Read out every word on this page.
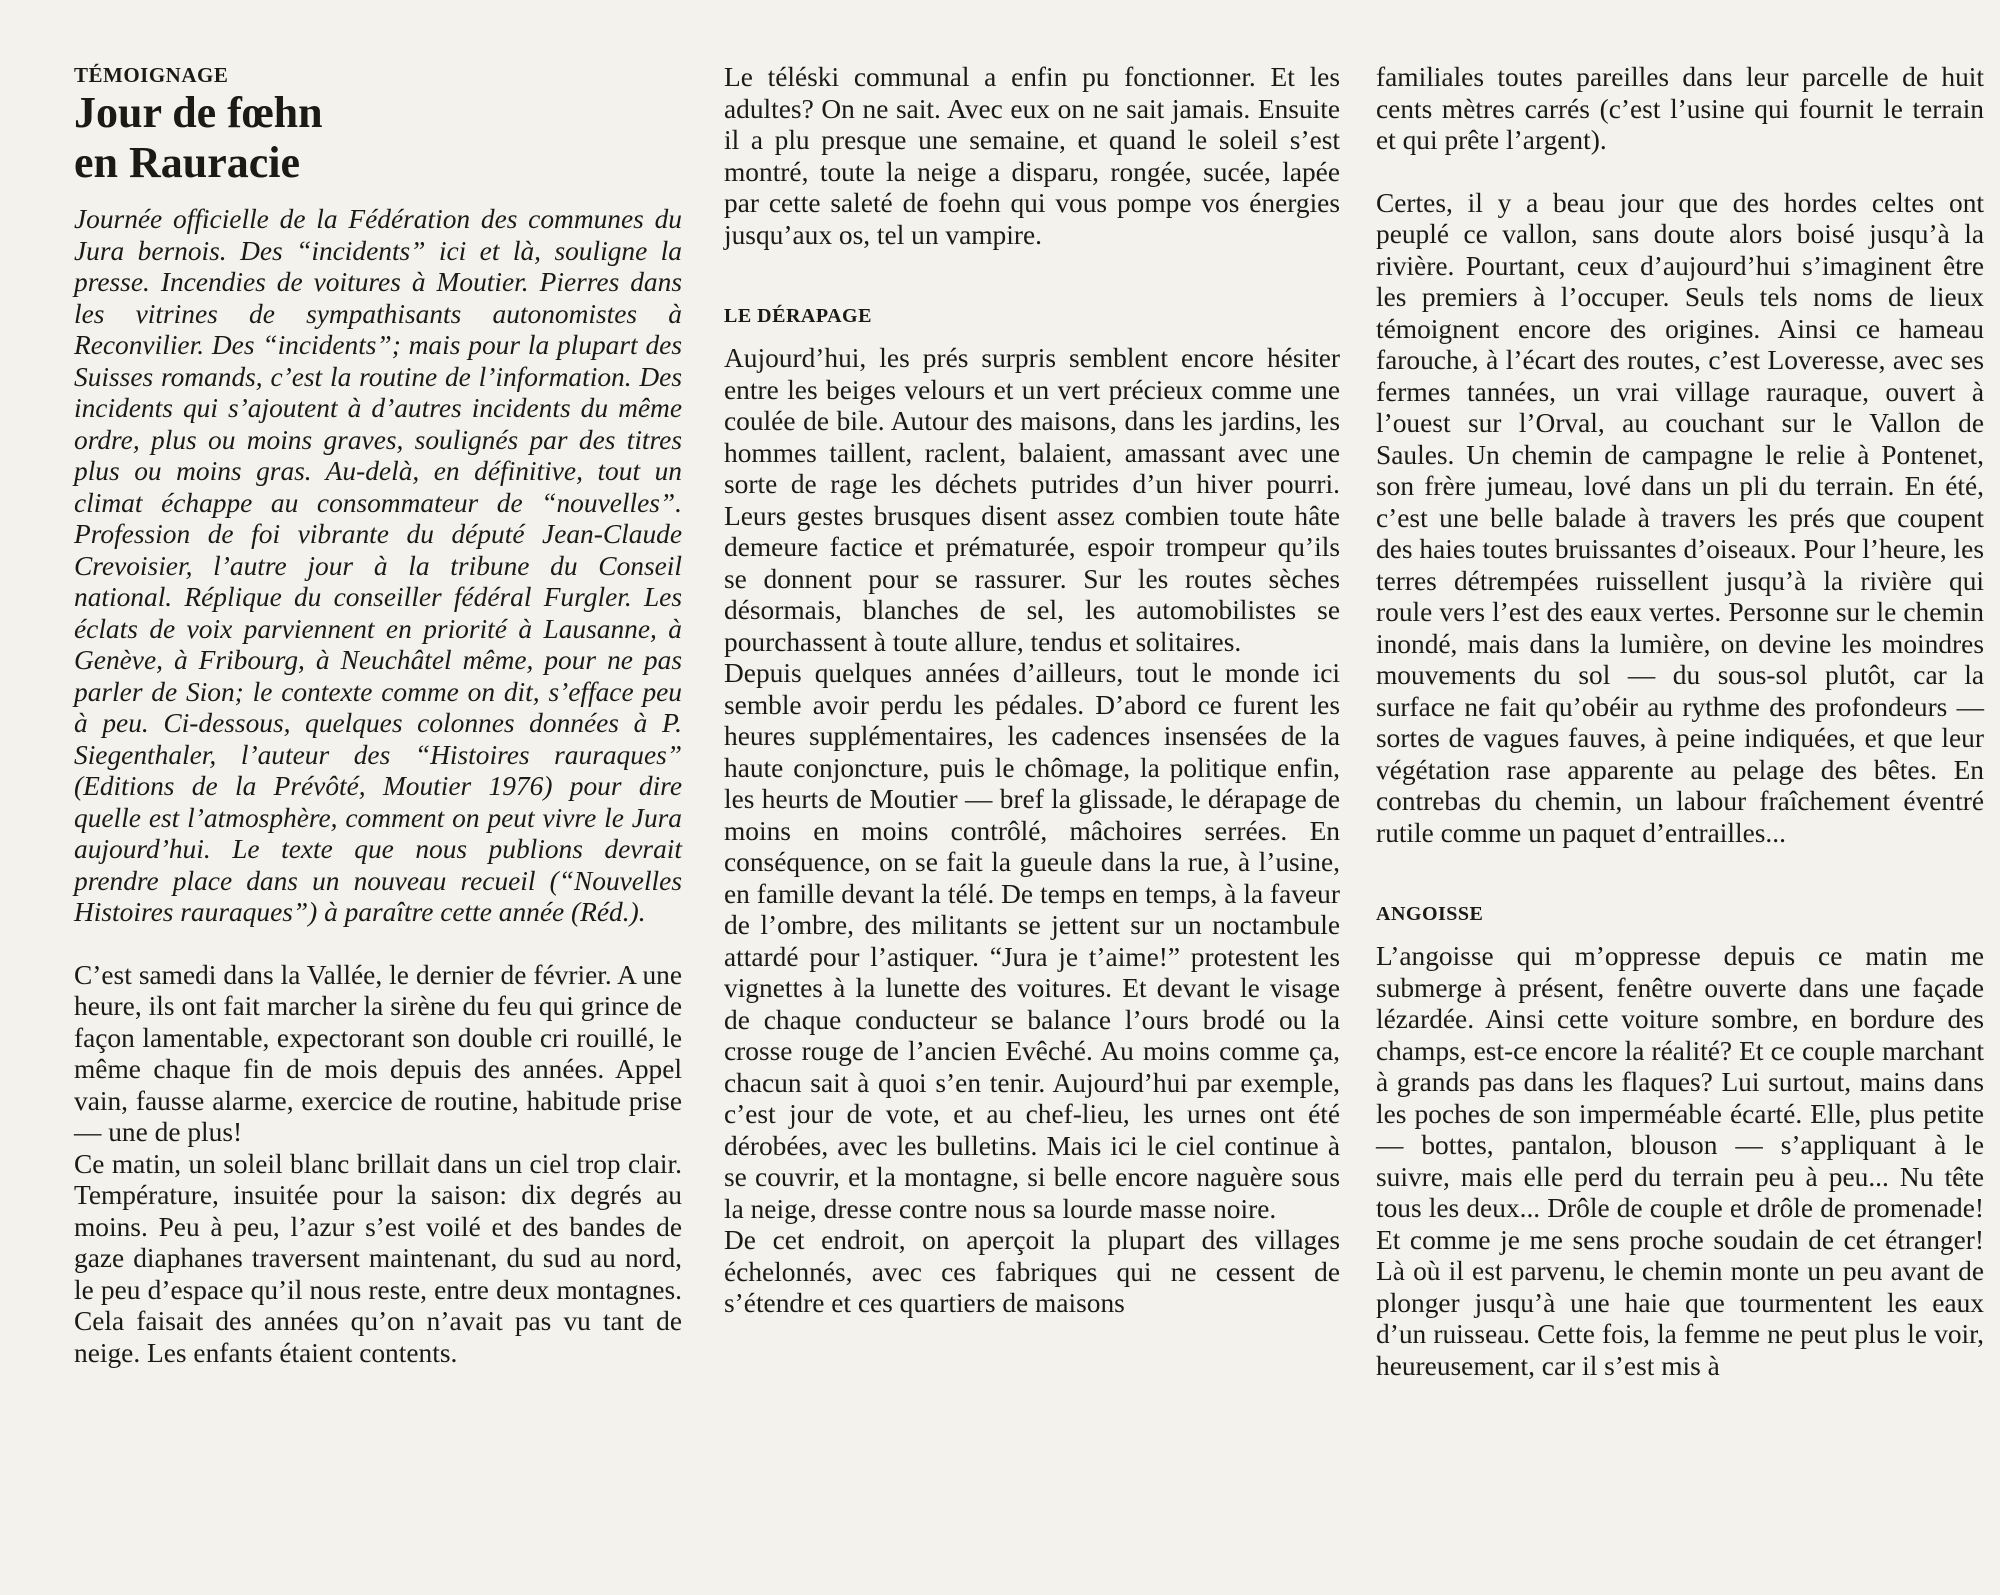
TÉMOIGNAGE

Jour de fœhn
en Rauracie

Journée officielle de la Fédération des communes du Jura bernois. Des “incidents” ici et là, souligne la presse. Incendies de voitures à Moutier. Pierres dans les vitrines de sympathisants autonomistes à Reconvilier. Des “incidents”; mais pour la plupart des Suisses romands, c’est la routine de l’information. Des incidents qui s’ajoutent à d’autres incidents du même ordre, plus ou moins graves, soulignés par des titres plus ou moins gras. Au-delà, en définitive, tout un climat échappe au consommateur de “nouvelles”. Profession de foi vibrante du député Jean-Claude Crevoisier, l’autre jour à la tribune du Conseil national. Réplique du conseiller fédéral Furgler. Les éclats de voix parviennent en priorité à Lausanne, à Genève, à Fribourg, à Neuchâtel même, pour ne pas parler de Sion; le contexte comme on dit, s’efface peu à peu. Ci-dessous, quelques colonnes données à P. Siegenthaler, l’auteur des “Histoires rauraques” (Editions de la Prévôté, Moutier 1976) pour dire quelle est l’atmosphère, comment on peut vivre le Jura aujourd’hui. Le texte que nous publions devrait prendre place dans un nouveau recueil (“Nouvelles Histoires rauraques”) à paraître cette année (Réd.).

C’est samedi dans la Vallée, le dernier de février. A une heure, ils ont fait marcher la sirène du feu qui grince de façon lamentable, expectorant son double cri rouillé, le même chaque fin de mois depuis des années. Appel vain, fausse alarme, exercice de routine, habitude prise — une de plus!

Ce matin, un soleil blanc brillait dans un ciel trop clair. Température, insuitée pour la saison: dix degrés au moins. Peu à peu, l’azur s’est voilé et des bandes de gaze diaphanes traversent maintenant, du sud au nord, le peu d’espace qu’il nous reste, entre deux montagnes. Cela faisait des années qu’on n’avait pas vu tant de neige. Les enfants étaient contents.

Le téléski communal a enfin pu fonctionner. Et les adultes? On ne sait. Avec eux on ne sait jamais. Ensuite il a plu presque une semaine, et quand le soleil s’est montré, toute la neige a disparu, rongée, sucée, lapée par cette saleté de foehn qui vous pompe vos énergies jusqu’aux os, tel un vampire.

LE DÉRAPAGE

Aujourd’hui, les prés surpris semblent encore hésiter entre les beiges velours et un vert précieux comme une coulée de bile. Autour des maisons, dans les jardins, les hommes taillent, raclent, balaient, amassant avec une sorte de rage les déchets putrides d’un hiver pourri. Leurs gestes brusques disent assez combien toute hâte demeure factice et prématurée, espoir trompeur qu’ils se donnent pour se rassurer. Sur les routes sèches désormais, blanches de sel, les automobilistes se pourchassent à toute allure, tendus et solitaires.

Depuis quelques années d’ailleurs, tout le monde ici semble avoir perdu les pédales. D’abord ce furent les heures supplémentaires, les cadences insensées de la haute conjoncture, puis le chômage, la politique enfin, les heurts de Moutier — bref la glissade, le dérapage de moins en moins contrôlé, mâchoires serrées. En conséquence, on se fait la gueule dans la rue, à l’usine, en famille devant la télé. De temps en temps, à la faveur de l’ombre, des militants se jettent sur un noctambule attardé pour l’astiquer. “Jura je t’aime!” protestent les vignettes à la lunette des voitures. Et devant le visage de chaque conducteur se balance l’ours brodé ou la crosse rouge de l’ancien Evêché. Au moins comme ça, chacun sait à quoi s’en tenir. Aujourd’hui par exemple, c’est jour de vote, et au chef-lieu, les urnes ont été dérobées, avec les bulletins. Mais ici le ciel continue à se couvrir, et la montagne, si belle encore naguère sous la neige, dresse contre nous sa lourde masse noire.

De cet endroit, on aperçoit la plupart des villages échelonnés, avec ces fabriques qui ne cessent de s’étendre et ces quartiers de maisons

familiales toutes pareilles dans leur parcelle de huit cents mètres carrés (c’est l’usine qui fournit le terrain et qui prête l’argent).

Certes, il y a beau jour que des hordes celtes ont peuplé ce vallon, sans doute alors boisé jusqu’à la rivière. Pourtant, ceux d’aujourd’hui s’imaginent être les premiers à l’occuper. Seuls tels noms de lieux témoignent encore des origines. Ainsi ce hameau farouche, à l’écart des routes, c’est Loveresse, avec ses fermes tannées, un vrai village rauraque, ouvert à l’ouest sur l’Orval, au couchant sur le Vallon de Saules. Un chemin de campagne le relie à Pontenet, son frère jumeau, lové dans un pli du terrain. En été, c’est une belle balade à travers les prés que coupent des haies toutes bruissantes d’oiseaux. Pour l’heure, les terres détrempées ruissellent jusqu’à la rivière qui roule vers l’est des eaux vertes. Personne sur le chemin inondé, mais dans la lumière, on devine les moindres mouvements du sol — du sous-sol plutôt, car la surface ne fait qu’obéir au rythme des profondeurs — sortes de vagues fauves, à peine indiquées, et que leur végétation rase apparente au pelage des bêtes. En contrebas du chemin, un labour fraîchement éventré rutile comme un paquet d’entrailles...

ANGOISSE

L’angoisse qui m’oppresse depuis ce matin me submerge à présent, fenêtre ouverte dans une façade lézardée. Ainsi cette voiture sombre, en bordure des champs, est-ce encore la réalité? Et ce couple marchant à grands pas dans les flaques? Lui surtout, mains dans les poches de son imperméable écarté. Elle, plus petite — bottes, pantalon, blouson — s’appliquant à le suivre, mais elle perd du terrain peu à peu... Nu tête tous les deux... Drôle de couple et drôle de promenade! Et comme je me sens proche soudain de cet étranger! Là où il est parvenu, le chemin monte un peu avant de plonger jusqu’à une haie que tourmentent les eaux d’un ruisseau. Cette fois, la femme ne peut plus le voir, heureusement, car il s’est mis à
